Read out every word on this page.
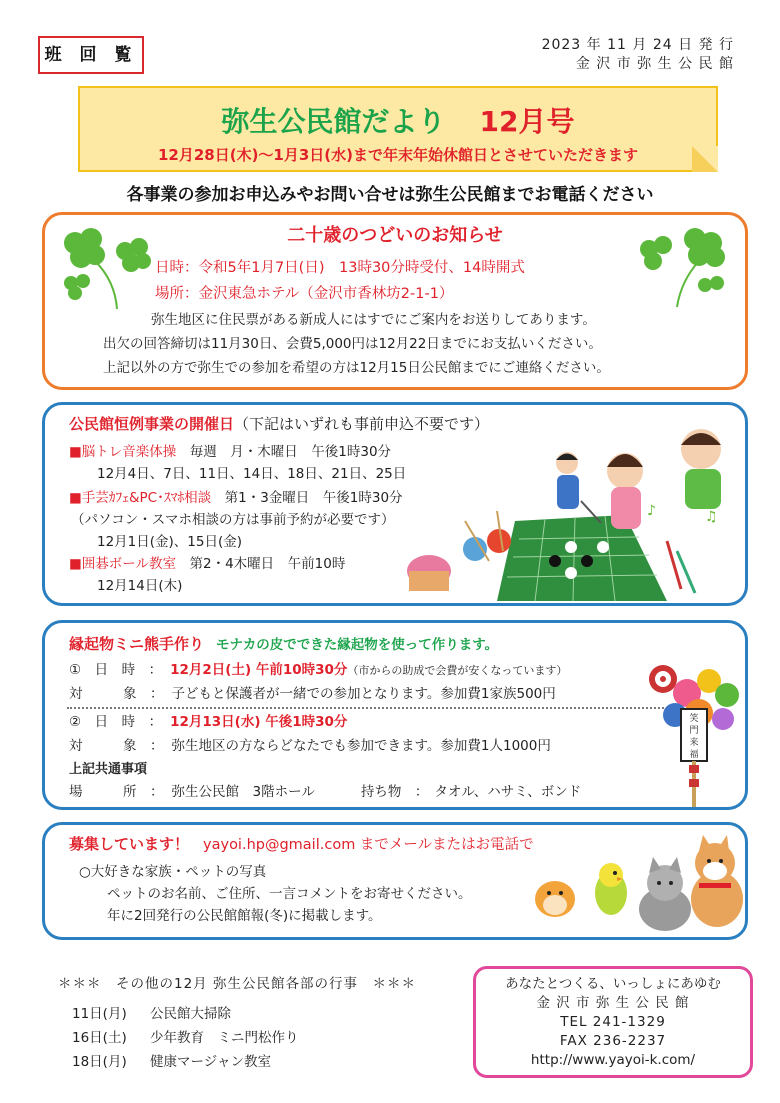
班 回 覧	2023 年 11 月 24 日 発 行
金 沢 市 弥 生 公 民 館
弥生公民館だより 12月号
12月28日(木)～1月3日(水)まで年末年始休館日とさせていただきます
各事業の参加お申込みやお問い合せは弥生公民館までお電話ください
二十歳のつどいのお知らせ
日時：令和5年1月7日(日)　13時30分時受付、14時開式
場所：金沢東急ホテル（金沢市香林坊2-1-1）
弥生地区に住民票がある新成人にはすでにご案内をお送りしてあります。
出欠の回答締切は11月30日、会費5,000円は12月22日までにお支払いください。
上記以外の方で弥生での参加を希望の方は12月15日公民館までにご連絡ください。
公民館恒例事業の開催日（下記はいずれも事前申込不要です）
■脳トレ音楽体操　毎週　月・木曜日　午後1時30分
12月4日、7日、11日、14日、18日、21日、25日
■手芸ｶﾌｪ&PC･ｽﾏﾎ相談　第1・3金曜日　午後1時30分
（パソコン・スマホ相談の方は事前予約が必要です）
12月1日(金)、15日(金)
■囲碁ボール教室　第2・4木曜日　午前10時
12月14日(木)
♪	♫
縁起物ミニ熊手作り モナカの皮でできた縁起物を使って作ります。
①　日　時　： 12月2日(土) 午前10時30分（市からの助成で会費が安くなっています）
対　　　象　： 子どもと保護者が一緒での参加となります。参加費1家族500円
②　日　時　： 12月13日(水) 午後1時30分
対　　　象　： 弥生地区の方ならどなたでも参加できます。参加費1人1000円
上記共通事項
場　　　所　： 弥生公民館　3階ホール	持ち物　： タオル、ハサミ、ボンド
笑
門
来
福
募集しています！ yayoi.hp@gmail.com までメールまたはお電話で
○大好きな家族・ペットの写真
ペットのお名前、ご住所、一言コメントをお寄せください。
年に2回発行の公民館館報(冬)に掲載します。
＊＊＊　その他の12月 弥生公民館各部の行事　＊＊＊
11日(月) 公民館大掃除
16日(土) 少年教育　ミニ門松作り
18日(月) 健康マージャン教室
あなたとつくる、いっしょにあゆむ
金 沢 市 弥 生 公 民 館
TEL 241-1329
FAX 236-2237
http://www.yayoi-k.com/
